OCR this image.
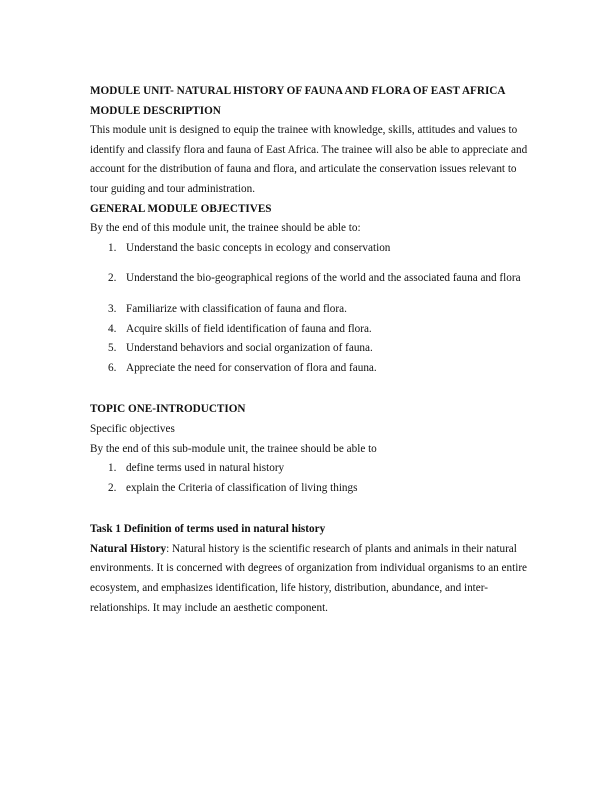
MODULE UNIT- NATURAL HISTORY OF FAUNA AND FLORA OF EAST AFRICA

MODULE DESCRIPTION

This module unit is designed to equip the trainee with knowledge, skills, attitudes and values to identify and classify flora and fauna of East Africa. The trainee will also be able to appreciate and account for the distribution of fauna and flora, and articulate the conservation issues relevant to tour guiding and tour administration.

GENERAL MODULE OBJECTIVES

By the end of this module unit, the trainee should be able to:

1. Understand the basic concepts in ecology and conservation
2. Understand the bio-geographical regions of the world and the associated fauna and flora
3. Familiarize with classification of fauna and flora.
4. Acquire skills of field identification of fauna and flora.
5. Understand behaviors and social organization of fauna.
6. Appreciate the need for conservation of flora and fauna.

TOPIC ONE-INTRODUCTION

Specific objectives

By the end of this sub-module unit, the trainee should be able to

1. define terms used in natural history
2. explain the Criteria of classification of living things

Task 1 Definition of terms used in natural history

Natural History: Natural history is the scientific research of plants and animals in their natural environments. It is concerned with degrees of organization from individual organisms to an entire ecosystem, and emphasizes identification, life history, distribution, abundance, and inter-relationships. It may include an aesthetic component.
